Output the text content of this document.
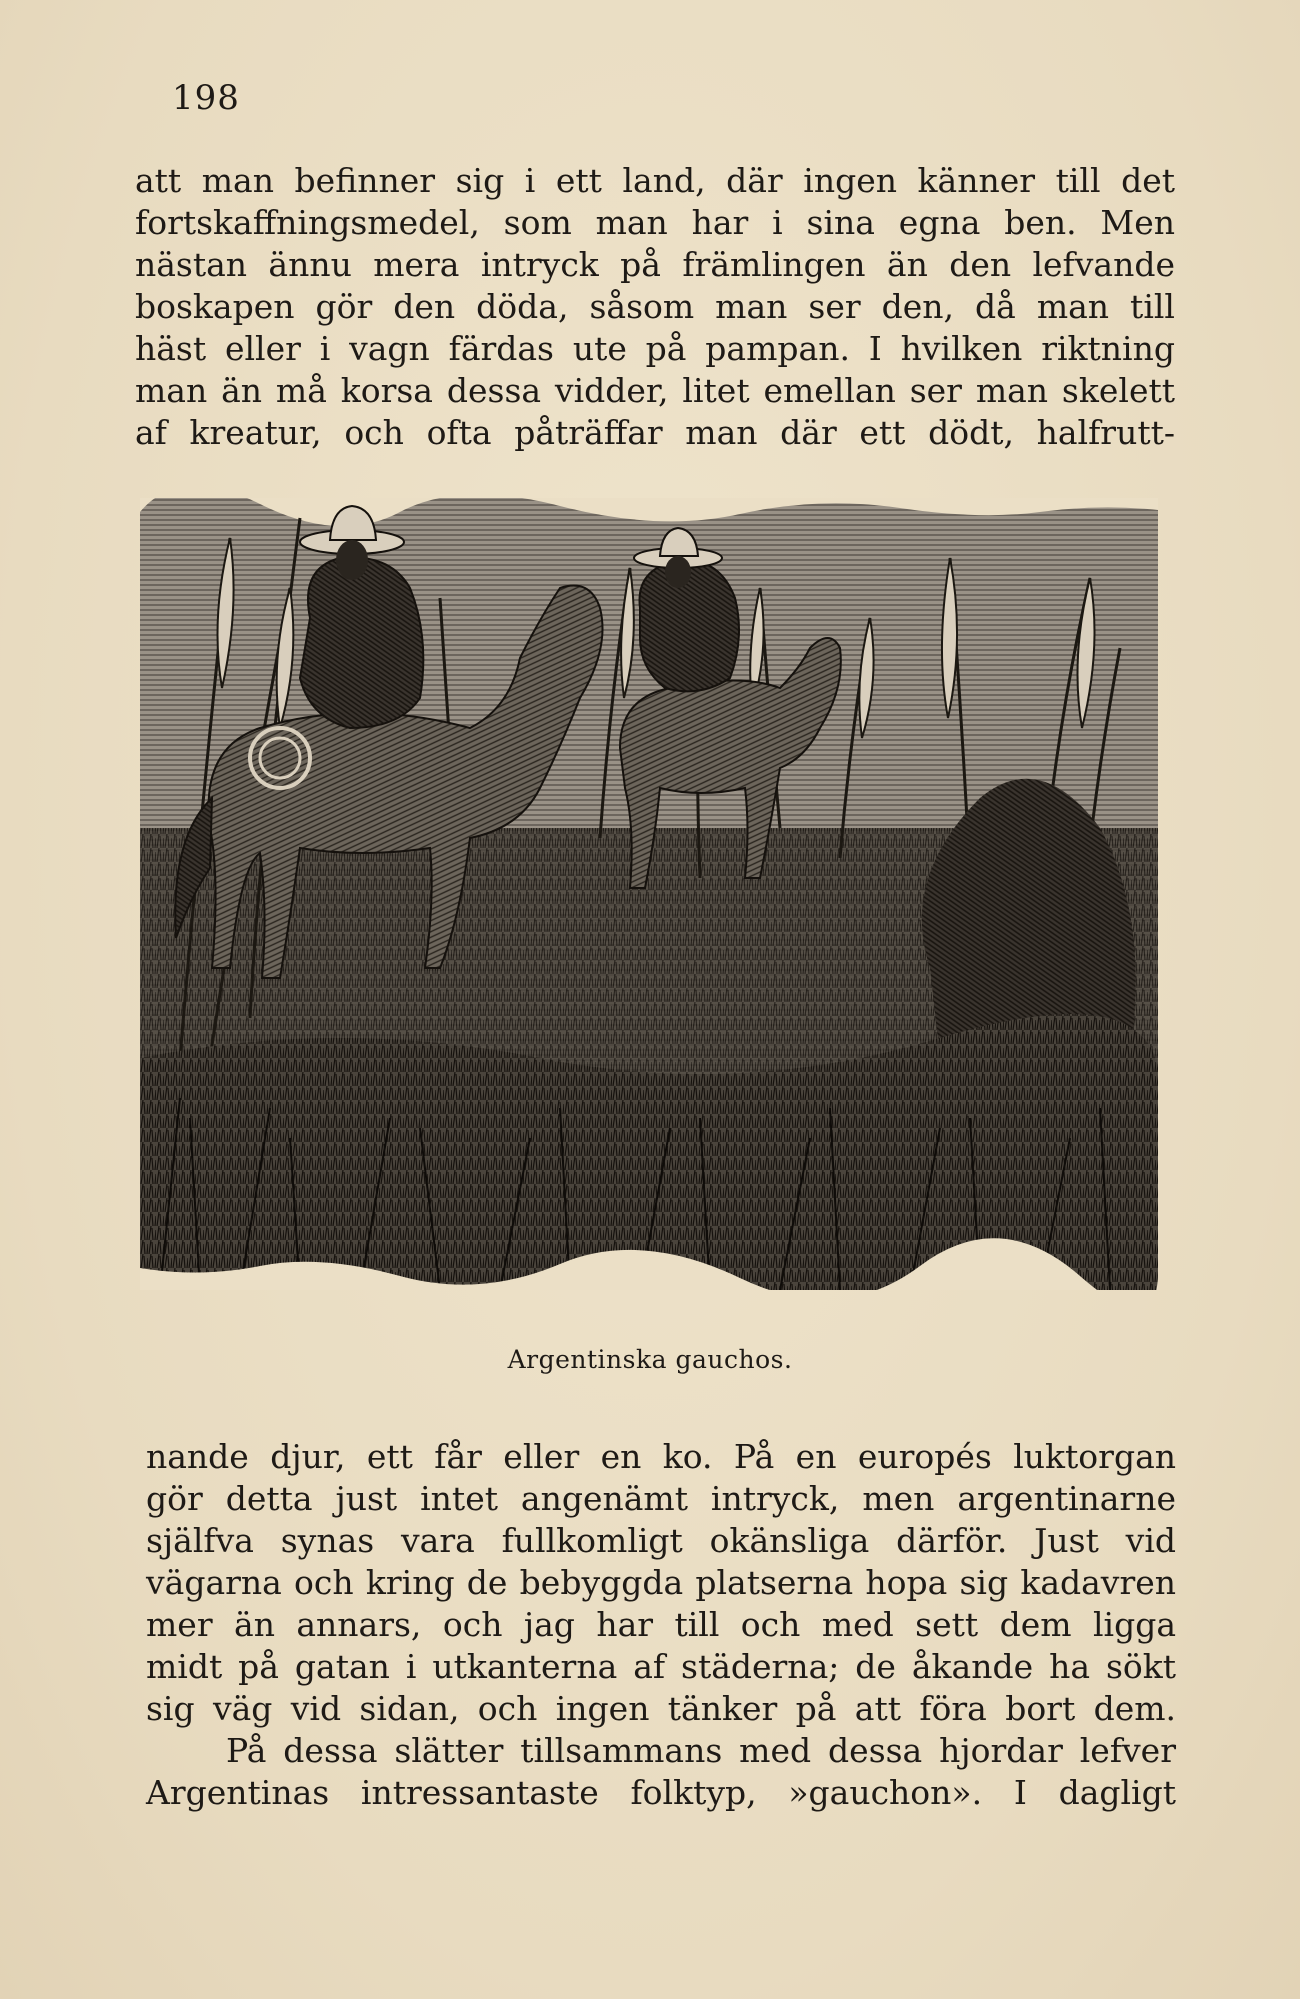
198
att man befinner sig i ett land, där ingen känner till det
fortskaffningsmedel, som man har i sina egna ben. Men
nästan ännu mera intryck på främlingen än den lefvande
boskapen gör den döda, såsom man ser den, då man till
häst eller i vagn färdas ute på pampan. I hvilken riktning
man än må korsa dessa vidder, litet emellan ser man skelett
af kreatur, och ofta påträffar man där ett dödt, halfrutt-
Argentinska gauchos.
nande djur, ett får eller en ko. På en europés luktorgan
gör detta just intet angenämt intryck, men argentinarne
själfva synas vara fullkomligt okänsliga därför. Just vid
vägarna och kring de bebyggda platserna hopa sig kadavren
mer än annars, och jag har till och med sett dem ligga
midt på gatan i utkanterna af städerna; de åkande ha sökt
sig väg vid sidan, och ingen tänker på att föra bort dem.
På dessa slätter tillsammans med dessa hjordar lefver
Argentinas intressantaste folktyp, »gauchon». I dagligt
